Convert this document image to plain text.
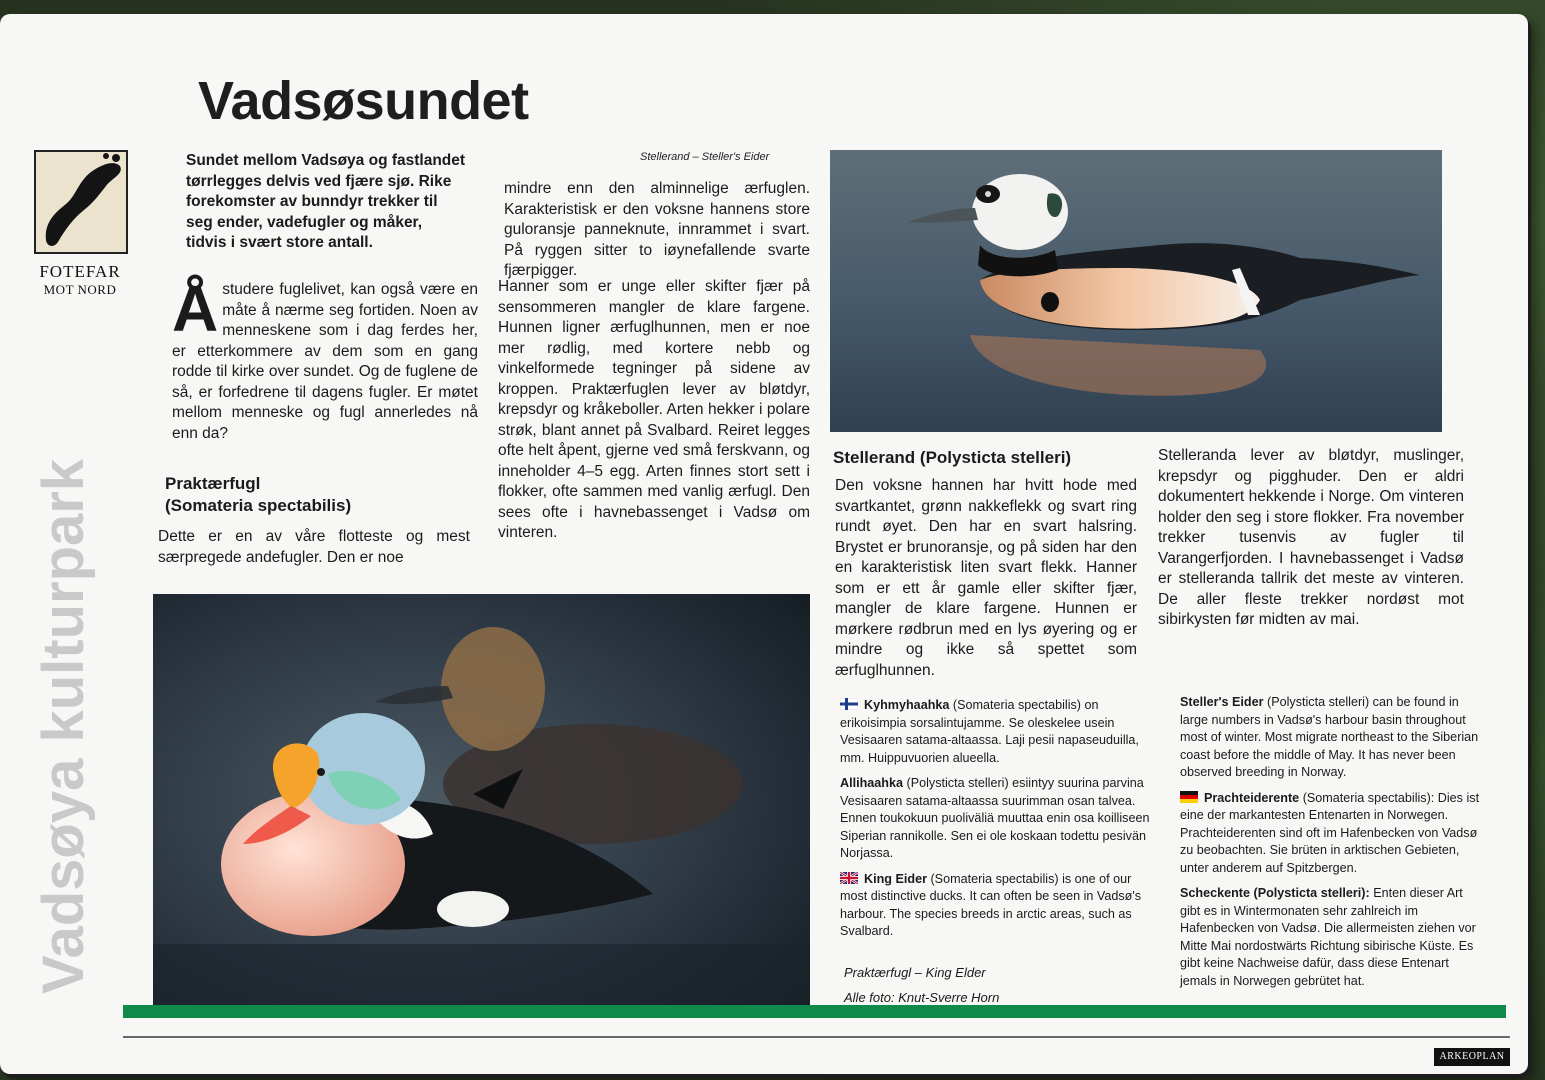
Vadsøsundet
FOTEFAR
MOT NORD
Vadsøya kulturpark
Sundet mellom Vadsøya og fastlandet tørrlegges delvis ved fjære sjø. Rike forekomster av bunndyr trekker til seg ender, vadefugler og måker, tidvis i svært store antall.
Åstudere fuglelivet, kan også være en måte å nærme seg fortiden. Noen av menneskene som i dag ferdes her, er etterkommere av dem som en gang rodde til kirke over sundet. Og de fuglene de så, er forfedrene til dagens fugler. Er møtet mellom menneske og fugl annerledes nå enn da?
Praktærfugl
(Somateria spectabilis)
Dette er en av våre flotteste og mest særpregede andefugler. Den er noe
Stellerand – Steller's Eider
mindre enn den alminnelige ærfuglen. Karakteristisk er den voksne hannens store guloransje panneknute, innrammet i svart. På ryggen sitter to iøynefallende svarte fjærpigger.
Hanner som er unge eller skifter fjær på sensommeren mangler de klare fargene. Hunnen ligner ærfuglhunnen, men er noe mer rødlig, med kortere nebb og vinkelformede tegninger på sidene av kroppen. Praktærfuglen lever av bløtdyr, krepsdyr og kråkeboller. Arten hekker i polare strøk, blant annet på Svalbard. Reiret legges ofte helt åpent, gjerne ved små ferskvann, og inneholder 4–5 egg. Arten finnes stort sett i flokker, ofte sammen med vanlig ærfugl. Den sees ofte i havnebassenget i Vadsø om vinteren.
Stellerand (Polysticta stelleri)
Den voksne hannen har hvitt hode med svartkantet, grønn nakkeflekk og svart ring rundt øyet. Den har en svart halsring. Brystet er brunoransje, og på siden har den en karakteristisk liten svart flekk. Hanner som er ett år gamle eller skifter fjær, mangler de klare fargene. Hunnen er mørkere rødbrun med en lys øyering og er mindre og ikke så spettet som ærfuglhunnen.
Stelleranda lever av bløtdyr, muslinger, krepsdyr og pigghuder. Den er aldri dokumentert hekkende i Norge. Om vinteren holder den seg i store flokker. Fra november trekker tusenvis av fugler til Varangerfjorden. I havnebassenget i Vadsø er stelleranda tallrik det meste av vinteren. De aller fleste trekker nordøst mot sibirkysten før midten av mai.

Kyhmyhaahka (Somateria spectabilis) on erikoisimpia sorsalintujamme. Se oleskelee usein Vesisaaren satama-altaassa. Laji pesii napaseuduilla, mm. Huippuvuorien alueella.

Allihaahka (Polysticta stelleri) esiintyy suurina parvina Vesisaaren satama-altaassa suurimman osan talvea. Ennen toukokuun puoliväliä muuttaa enin osa koilliseen Siperian rannikolle. Sen ei ole koskaan todettu pesivän Norjassa.

King Eider (Somateria spectabilis) is one of our most distinctive ducks. It can often be seen in Vadsø's harbour. The species breeds in arctic areas, such as Svalbard.

Steller's Eider (Polysticta stelleri) can be found in large numbers in Vadsø's harbour basin throughout most of winter. Most migrate northeast to the Siberian coast before the middle of May. It has never been observed breeding in Norway.

Prachteiderente (Somateria spectabilis): Dies ist eine der markantesten Entenarten in Norwegen. Prachteiderenten sind oft im Hafenbecken von Vadsø zu beobachten. Sie brüten in arktischen Gebieten, unter anderem auf Spitzbergen.

Scheckente (Polysticta stelleri): Enten dieser Art gibt es in Wintermonaten sehr zahlreich im Hafenbecken von Vadsø. Die allermeisten ziehen vor Mitte Mai nordostwärts Richtung sibirische Küste. Es gibt keine Nachweise dafür, dass diese Entenart jemals in Norwegen gebrütet hat.

Praktærfugl – King Elder
Alle foto: Knut-Sverre Horn
ARKEOPLAN
